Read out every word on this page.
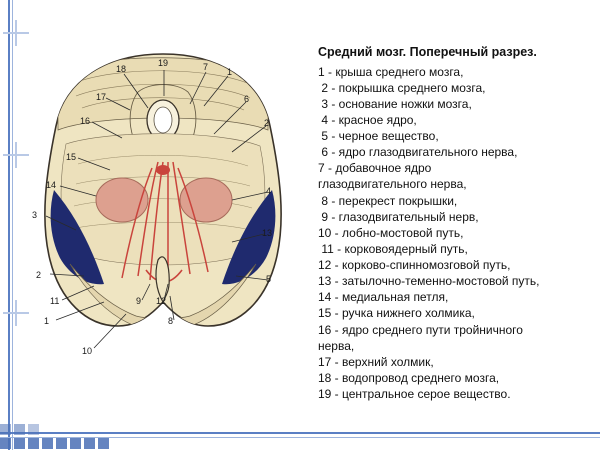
18
19	7 1
17	6
16	2
15
14
4
3
13
2	5
11	12
9
1	8
10

Средний мозг. Поперечный разрез.

1 - крыша среднего мозга,
2 - покрышка среднего мозга,
3 - основание ножки мозга,
4 - красное ядро,
5 - черное вещество,
6 - ядро глазодвигательного нерва,
7 - добавочное ядро
глазодвигательного нерва,
8 - перекрест покрышки,
9 - глазодвигательный нерв,
10 - лобно-мостовой путь,
11 - корковоядерный путь,
12 - корково-спинномозговой путь,
13 - затылочно-теменно-мостовой путь,
14 - медиальная петля,
15 - ручка нижнего холмика,
16 - ядро среднего пути тройничного
нерва,
17 - верхний холмик,
18 - водопровод среднего мозга,
19 - центральное серое вещество.
